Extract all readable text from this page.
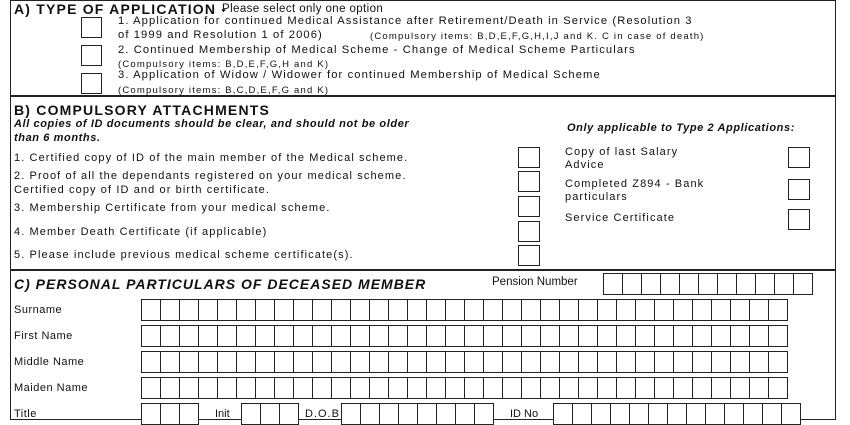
A) TYPE OF APPLICATION -
Please select only one option
1. Application for continued Medical Assistance after Retirement/Death in Service (Resolution 3
of 1999 and Resolution 1 of 2006)	(Compulsory items: B,D,E,F,G,H,I,J and K. C in case of death)
2. Continued Membership of Medical Scheme - Change of Medical Scheme Particulars
(Compulsory items: B,D,E,F,G,H and K)
3. Application of Widow / Widower for continued Membership of Medical Scheme
(Compulsory items: B,C,D,E,F,G and K)
B) COMPULSORY ATTACHMENTS
All copies of ID documents should be clear, and should not be older
than 6 months.
Only applicable to Type 2 Applications:
1. Certified copy of ID of the main member of the Medical scheme.
2. Proof of all the dependants registered on your medical scheme.
Certified copy of ID and or birth certificate.
3. Membership Certificate from your medical scheme.
4. Member Death Certificate (if applicable)
5. Please include previous medical scheme certificate(s).
Copy of last Salary
Advice
Completed Z894 - Bank
particulars
Service Certificate
C) PERSONAL PARTICULARS OF DECEASED MEMBER	Pension Number
Surname
First Name
Middle Name
Maiden Name
Title	Init	D.O.B	ID No
